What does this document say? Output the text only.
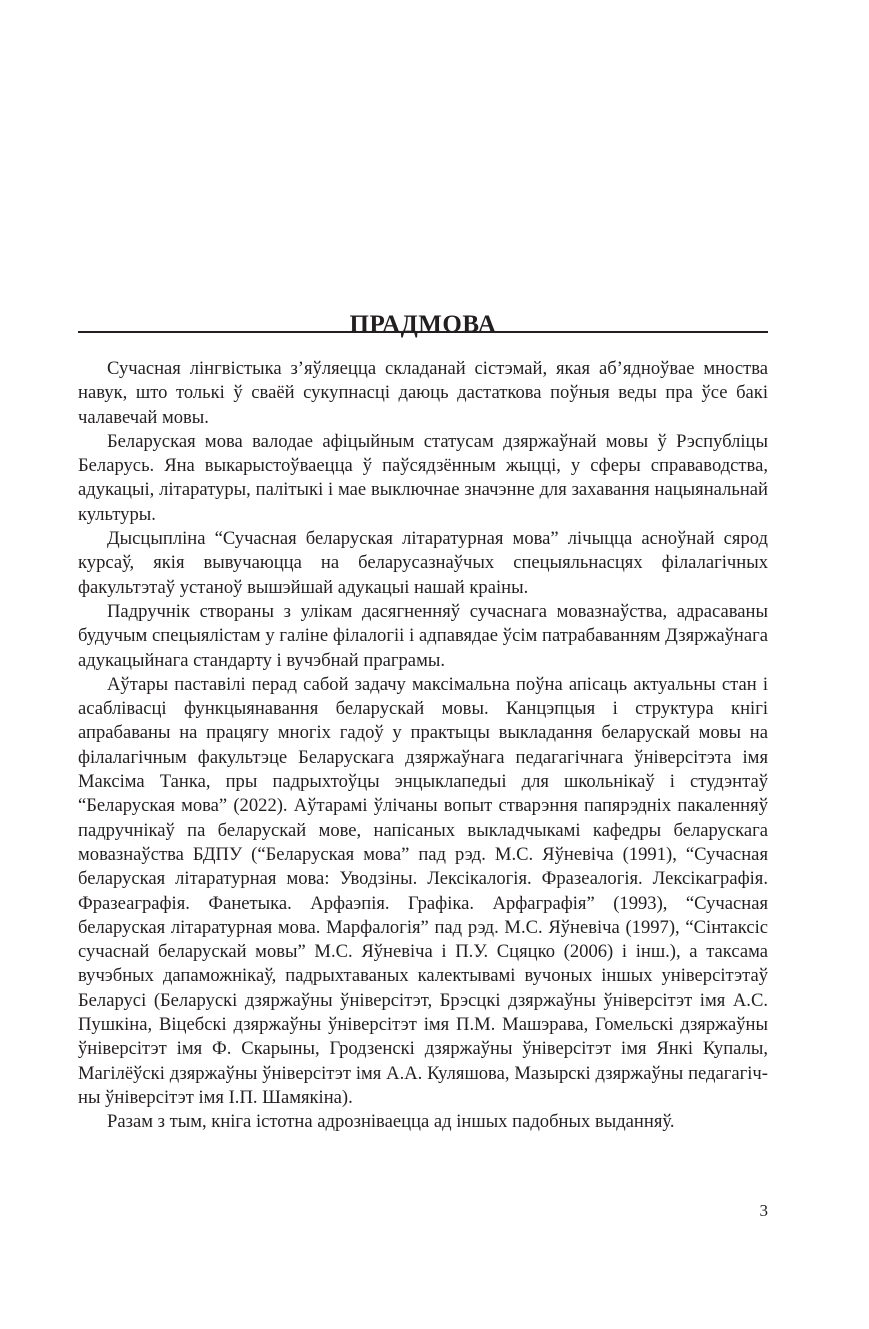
ПРАДМОВА

Сучасная лінгвістыка з’яўляецца складанай сістэмай, якая аб’ядноўвае мноства навук, што толькі ў сваёй сукупнасці даюць дастаткова поўныя веды пра ўсе бакі чалавечай мовы.

Беларуская мова валодае афіцыйным статусам дзяржаўнай мовы ў Рэспубліцы Беларусь. Яна выкарыстоўваецца ў паўсядзённым жыцці, у сферы справаводства, адукацыі, літаратуры, палітыкі і мае выключнае значэнне для захавання нацыянальнай культуры.

Дысцыпліна “Сучасная беларуская літаратурная мова” лічыцца асноўнай сярод курсаў, якія вывучаюцца на беларусазнаўчых спецыяльнасцях філалагічных факультэтаў устаноў вышэйшай адукацыі нашай краіны.

Падручнік створаны з улікам дасягненняў сучаснага мовазнаўства, адрасаваны будучым спецыялістам у галіне філалогіі і адпавядае ўсім патрабаванням Дзяржаўнага адукацыйнага стандарту і вучэбнай праграмы.

Аўтары паставілі перад сабой задачу максімальна поўна апісаць актуальны стан і асаблівасці функцыянавання беларускай мовы. Канцэпцыя і структура кнігі апрабаваны на працягу многіх гадоў у практыцы выкладання беларускай мовы на філалагічным факультэце Беларускага дзяржаўнага педагагічнага ўніверсітэта імя Максіма Танка, пры падрыхтоўцы энцыклапедыі для школьнікаў і студэнтаў “Беларуская мова” (2022). Аўтарамі ўлічаны вопыт стварэння папярэдніх пакаленняў падручнікаў па беларускай мове, напісаных выкладчыкамі кафедры беларускага мовазнаўства БДПУ (“Беларуская мова” пад рэд. М.С. Яўневіча (1991), “Сучасная беларуская літаратурная мова: Уводзіны. Лексікалогія. Фразеалогія. Лексікаграфія. Фразеаграфія. Фанетыка. Арфаэпія. Графіка. Арфаграфія” (1993), “Сучасная беларуская літаратурная мова. Марфалогія” пад рэд. М.С. Яўневіча (1997), “Сінтаксіс сучаснай беларускай мовы” М.С. Яўневіча і П.У. Сцяцко (2006) і інш.), а таксама вучэбных дапаможнікаў, падрыхтаваных калектывамі вучоных іншых універсітэтаў Беларусі (Беларускі дзяржаўны ўніверсітэт, Брэсцкі дзяржаўны ўніверсітэт імя А.С. Пушкіна, Віцебскі дзяржаўны ўніверсітэт імя П.М. Машэрава, Гомельскі дзяржаўны ўніверсітэт імя Ф. Скарыны, Гродзенскі дзяржаўны ўніверсітэт імя Янкі Купалы, Магілёўскі дзяржаўны ўніверсітэт імя А.А. Куляшова, Мазырскі дзяржаўны педагагічны ўніверсітэт імя І.П. Шамякіна).

Разам з тым, кніга істотна адрозніваецца ад іншых падобных выданняў.

3
